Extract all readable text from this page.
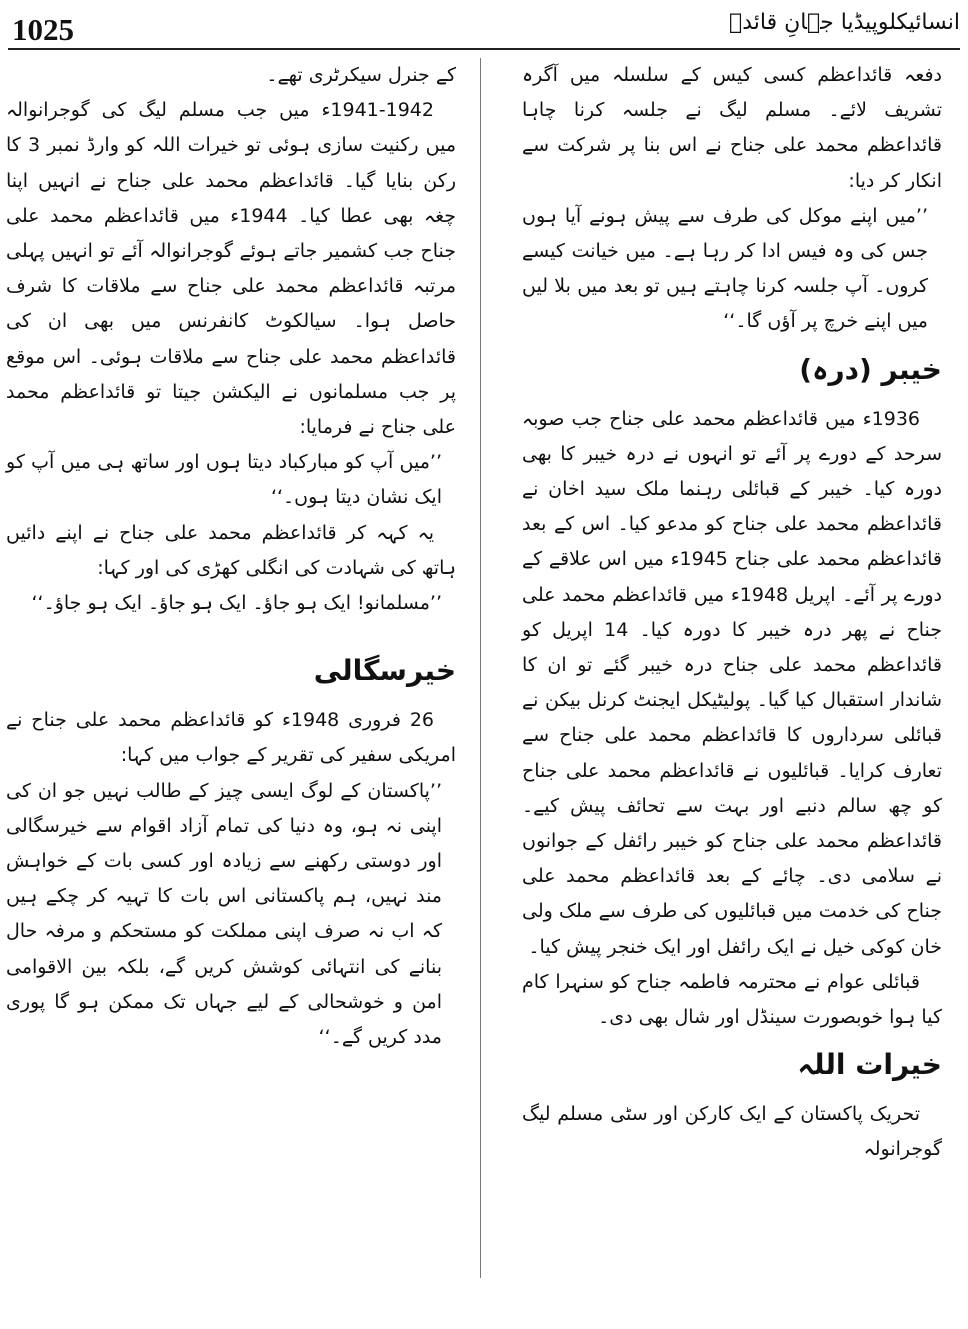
1025	انسائیکلوپیڈیا جہانِ قائدؒ

دفعہ قائداعظم کسی کیس کے سلسلہ میں آگرہ تشریف لائے۔ مسلم لیگ نے جلسہ کرنا چاہا قائداعظم محمد علی جناح نے اس بنا پر شرکت سے انکار کر دیا:

’’میں اپنے موکل کی طرف سے پیش ہونے آیا ہوں جس کی وہ فیس ادا کر رہا ہے۔ میں خیانت کیسے کروں۔ آپ جلسہ کرنا چاہتے ہیں تو بعد میں بلا لیں میں اپنے خرچ پر آؤں گا۔‘‘

خیبر (درہ)

1936ء میں قائداعظم محمد علی جناح جب صوبہ سرحد کے دورے پر آئے تو انہوں نے درہ خیبر کا بھی دورہ کیا۔ خیبر کے قبائلی رہنما ملک سید اخان نے قائداعظم محمد علی جناح کو مدعو کیا۔ اس کے بعد قائداعظم محمد علی جناح 1945ء میں اس علاقے کے دورے پر آئے۔ اپریل 1948ء میں قائداعظم محمد علی جناح نے پھر درہ خیبر کا دورہ کیا۔ 14 اپریل کو قائداعظم محمد علی جناح درہ خیبر گئے تو ان کا شاندار استقبال کیا گیا۔ پولیٹیکل ایجنٹ کرنل بیکن نے قبائلی سرداروں کا قائداعظم محمد علی جناح سے تعارف کرایا۔ قبائلیوں نے قائداعظم محمد علی جناح کو چھ سالم دنبے اور بہت سے تحائف پیش کیے۔ قائداعظم محمد علی جناح کو خیبر رائفل کے جوانوں نے سلامی دی۔ چائے کے بعد قائداعظم محمد علی جناح کی خدمت میں قبائلیوں کی طرف سے ملک ولی خان کوکی خیل نے ایک رائفل اور ایک خنجر پیش کیا۔

قبائلی عوام نے محترمہ فاطمہ جناح کو سنہرا کام کیا ہوا خوبصورت سینڈل اور شال بھی دی۔

خیرات اللہ

تحریک پاکستان کے ایک کارکن اور سٹی مسلم لیگ گوجرانولہ

کے جنرل سیکرٹری تھے۔

1941-1942ء میں جب مسلم لیگ کی گوجرانوالہ میں رکنیت سازی ہوئی تو خیرات اللہ کو وارڈ نمبر 3 کا رکن بنایا گیا۔ قائداعظم محمد علی جناح نے انہیں اپنا چغہ بھی عطا کیا۔ 1944ء میں قائداعظم محمد علی جناح جب کشمیر جاتے ہوئے گوجرانوالہ آئے تو انہیں پہلی مرتبہ قائداعظم محمد علی جناح سے ملاقات کا شرف حاصل ہوا۔ سیالکوٹ کانفرنس میں بھی ان کی قائداعظم محمد علی جناح سے ملاقات ہوئی۔ اس موقع پر جب مسلمانوں نے الیکشن جیتا تو قائداعظم محمد علی جناح نے فرمایا:

’’میں آپ کو مبارکباد دیتا ہوں اور ساتھ ہی میں آپ کو ایک نشان دیتا ہوں۔‘‘

یہ کہہ کر قائداعظم محمد علی جناح نے اپنے دائیں ہاتھ کی شہادت کی انگلی کھڑی کی اور کہا:

’’مسلمانو! ایک ہو جاؤ۔ ایک ہو جاؤ۔ ایک ہو جاؤ۔‘‘

خیرسگالی

26 فروری 1948ء کو قائداعظم محمد علی جناح نے امریکی سفیر کی تقریر کے جواب میں کہا:

’’پاکستان کے لوگ ایسی چیز کے طالب نہیں جو ان کی اپنی نہ ہو، وہ دنیا کی تمام آزاد اقوام سے خیرسگالی اور دوستی رکھنے سے زیادہ اور کسی بات کے خواہش مند نہیں، ہم پاکستانی اس بات کا تہیہ کر چکے ہیں کہ اب نہ صرف اپنی مملکت کو مستحکم و مرفہ حال بنانے کی انتہائی کوشش کریں گے، بلکہ بین الاقوامی امن و خوشحالی کے لیے جہاں تک ممکن ہو گا پوری مدد کریں گے۔‘‘
